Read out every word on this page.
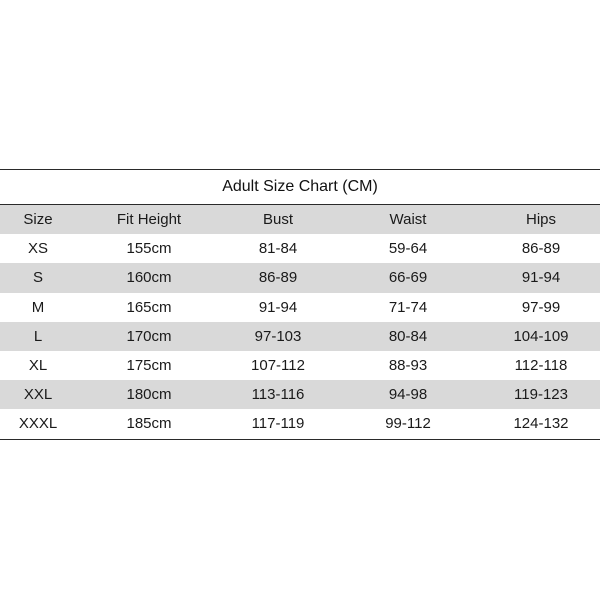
Adult Size Chart (CM)
Size	Fit Height	Bust	Waist	Hips
XS	155cm	81-84	59-64	86-89
S	160cm	86-89	66-69	91-94
M	165cm	91-94	71-74	97-99
L	170cm	97-103	80-84	104-109
XL	175cm	107-112	88-93	112-118
XXL	180cm	113-116	94-98	119-123
XXXL	185cm	117-119	99-112	124-132
